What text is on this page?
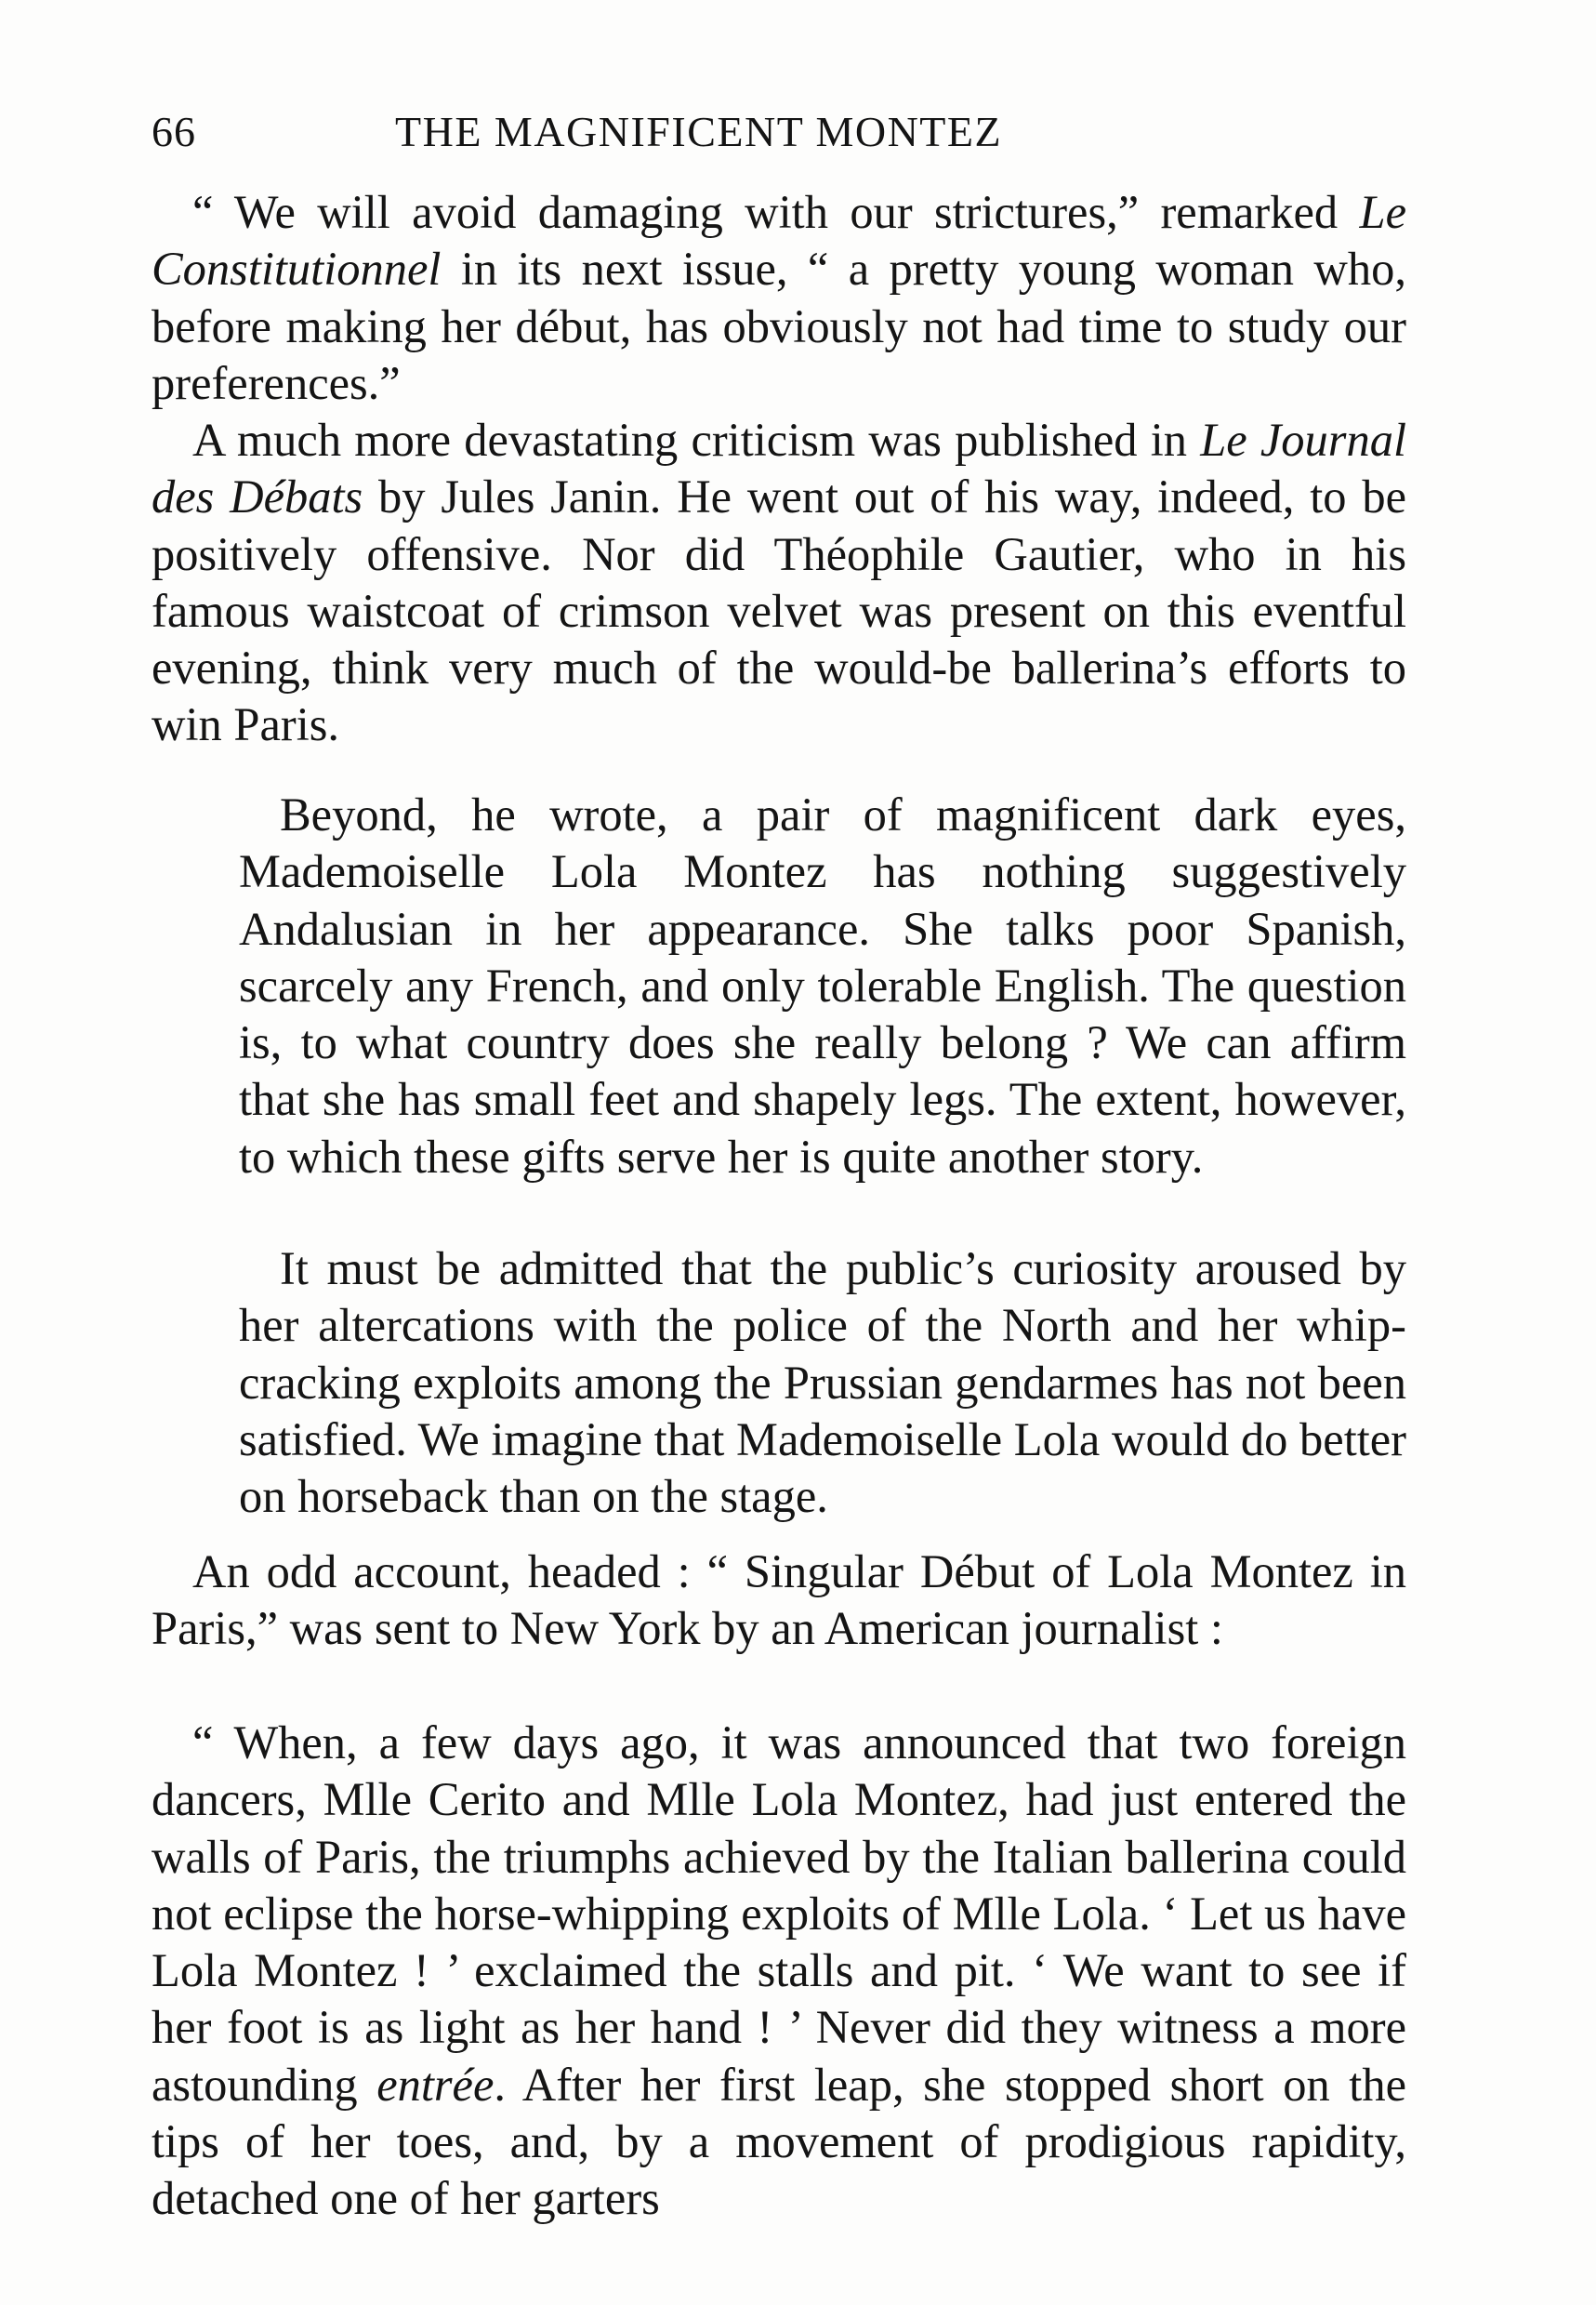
66	THE MAGNIFICENT MONTEZ

“ We will avoid damaging with our strictures,” remarked Le Constitutionnel in its next issue, “ a pretty young woman who, before making her début, has obviously not had time to study our preferences.”

A much more devastating criticism was published in Le Journal des Débats by Jules Janin. He went out of his way, indeed, to be positively offensive. Nor did Théophile Gautier, who in his famous waistcoat of crimson velvet was present on this eventful evening, think very much of the would-be ballerina’s efforts to win Paris.

Beyond, he wrote, a pair of magnificent dark eyes, Mademoiselle Lola Montez has nothing suggestively Andalusian in her appearance. She talks poor Spanish, scarcely any French, and only tolerable English. The question is, to what country does she really belong ? We can affirm that she has small feet and shapely legs. The extent, however, to which these gifts serve her is quite another story.

It must be admitted that the public’s curiosity aroused by her altercations with the police of the North and her whip-cracking exploits among the Prussian gendarmes has not been satisfied. We imagine that Mademoiselle Lola would do better on horseback than on the stage.

An odd account, headed : “ Singular Début of Lola Montez in Paris,” was sent to New York by an American journalist :

“ When, a few days ago, it was announced that two foreign dancers, Mlle Cerito and Mlle Lola Montez, had just entered the walls of Paris, the triumphs achieved by the Italian ballerina could not eclipse the horse-whipping exploits of Mlle Lola. ‘ Let us have Lola Montez ! ’ exclaimed the stalls and pit. ‘ We want to see if her foot is as light as her hand ! ’ Never did they witness a more astounding entrée. After her first leap, she stopped short on the tips of her toes, and, by a movement of prodigious rapidity, detached one of her garters
